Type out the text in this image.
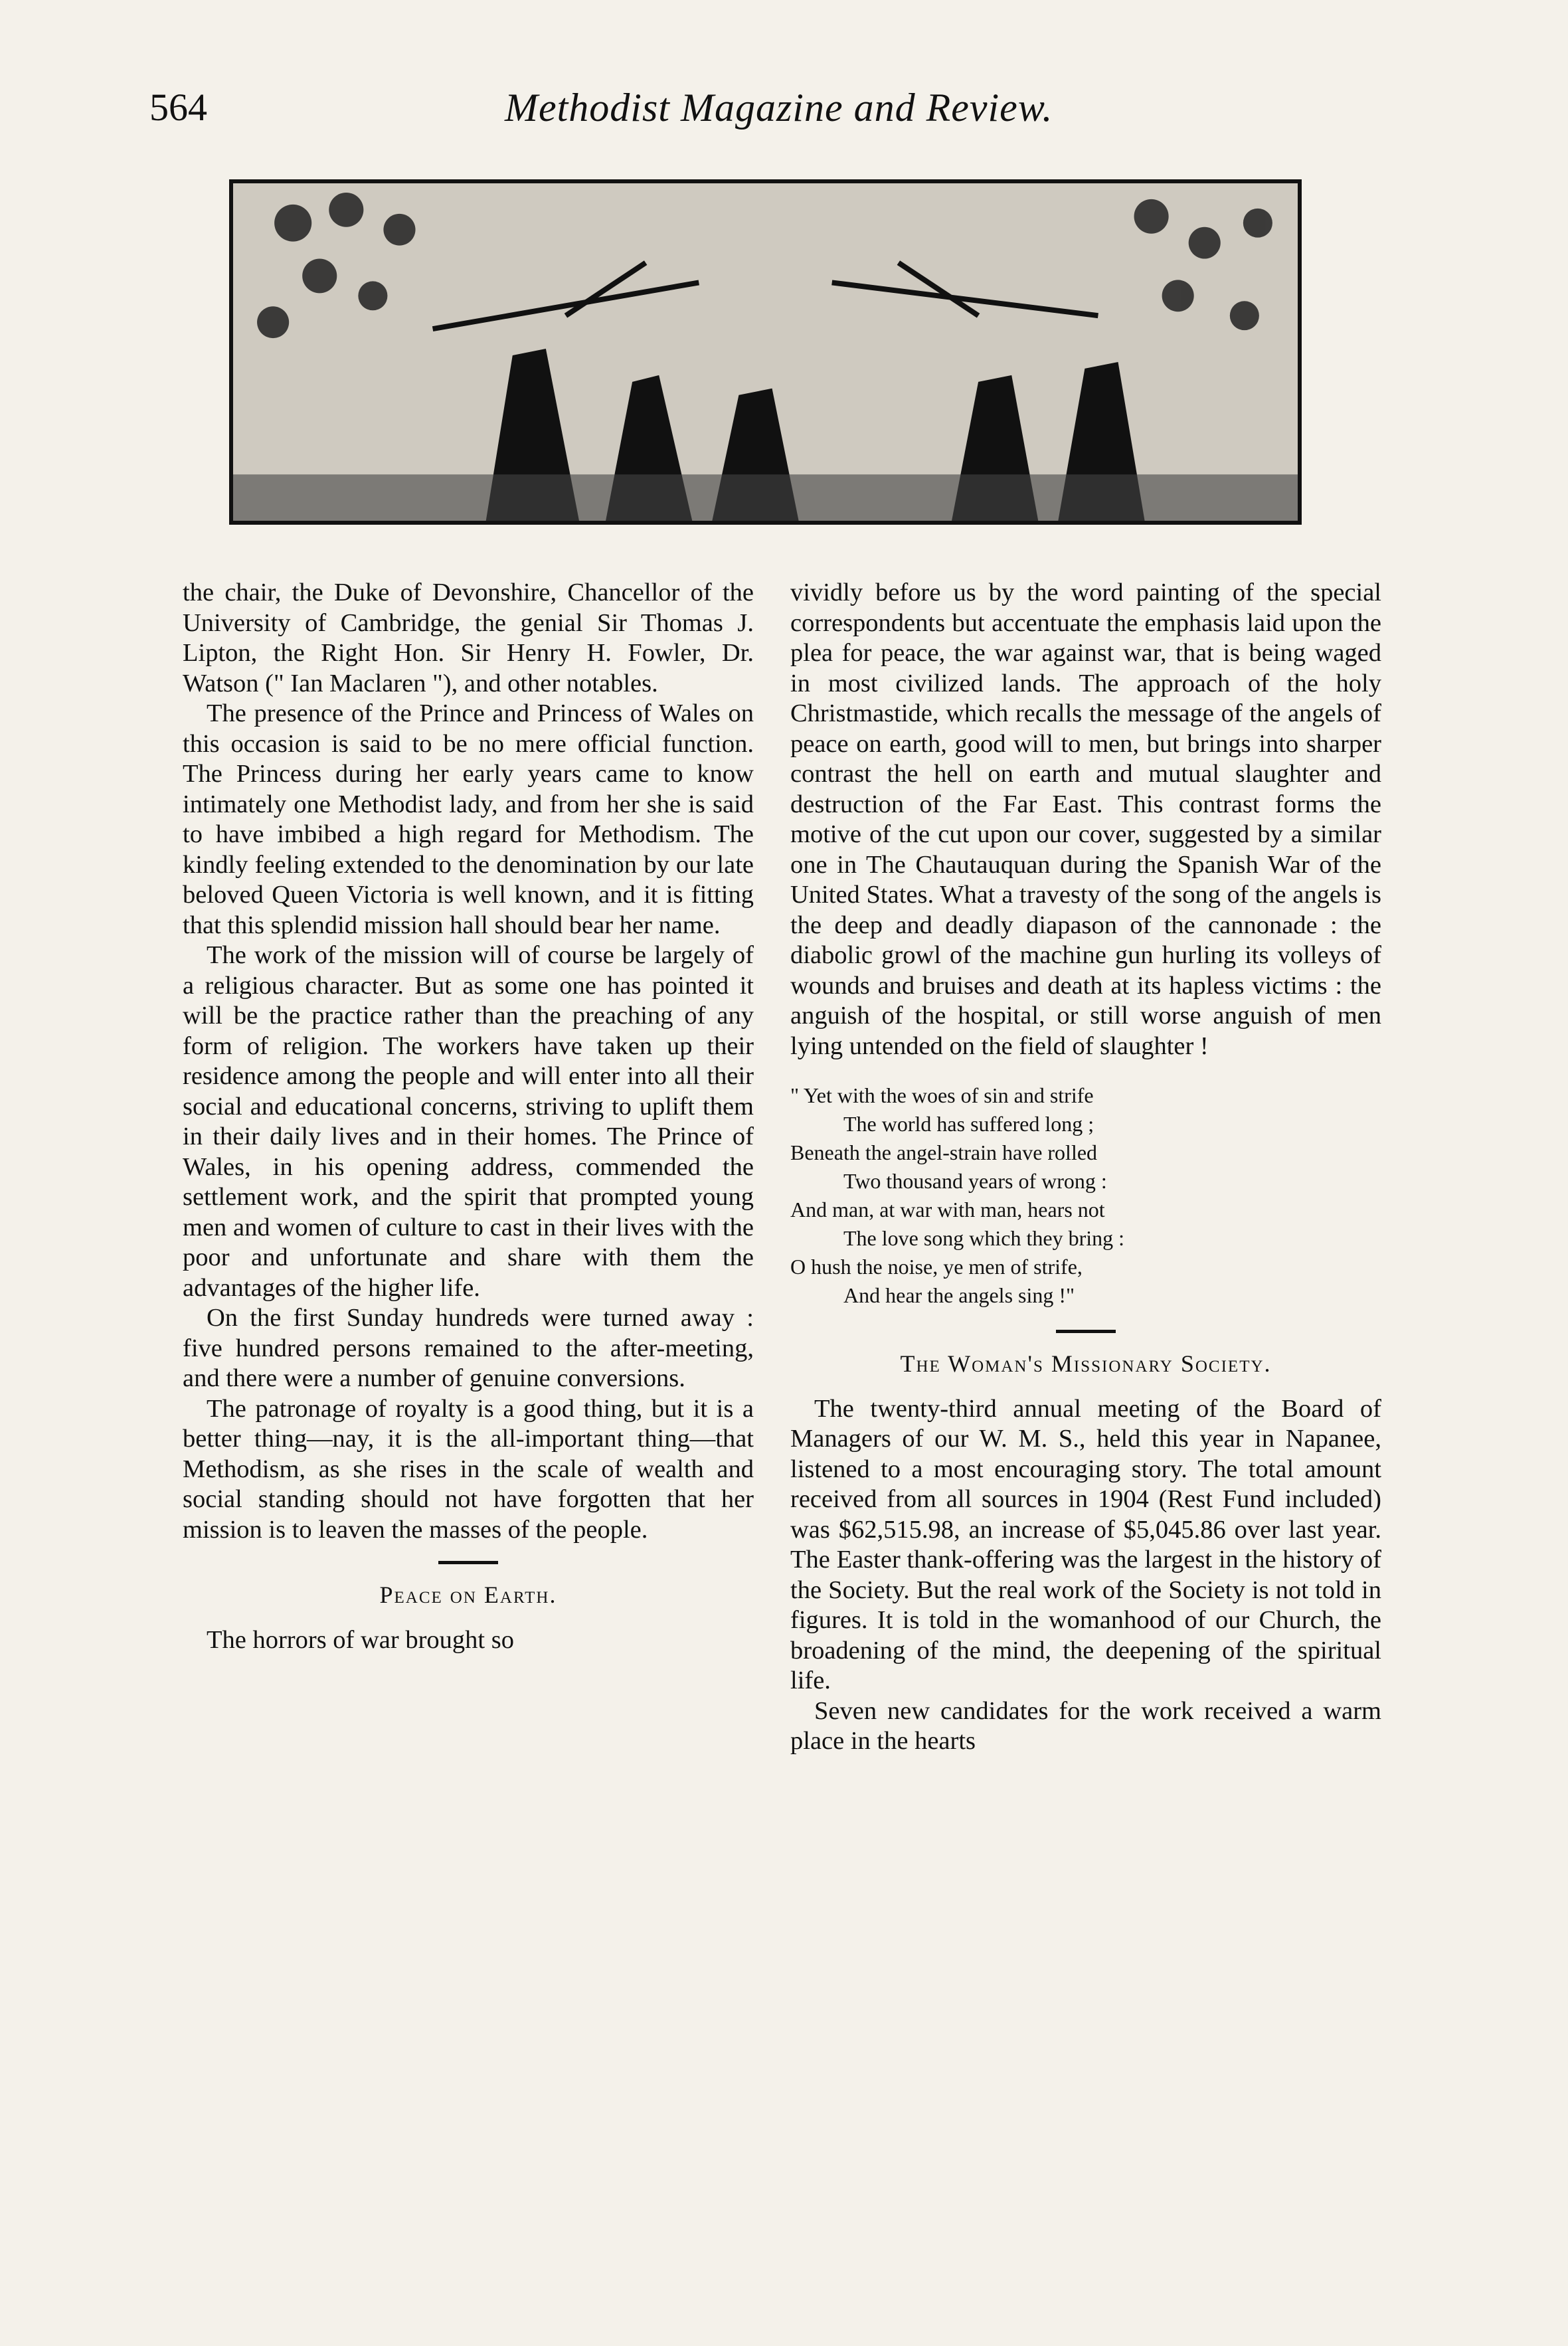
564	Methodist Magazine and Review.

the chair, the Duke of Devonshire, Chancellor of the University of Cambridge, the genial Sir Thomas J. Lipton, the Right Hon. Sir Henry H. Fowler, Dr. Watson (" Ian Maclaren "), and other notables.

The presence of the Prince and Princess of Wales on this occasion is said to be no mere official function. The Princess during her early years came to know intimately one Methodist lady, and from her she is said to have imbibed a high regard for Methodism. The kindly feeling extended to the denomination by our late beloved Queen Victoria is well known, and it is fitting that this splendid mission hall should bear her name.

The work of the mission will of course be largely of a religious character. But as some one has pointed it will be the practice rather than the preaching of any form of religion. The workers have taken up their residence among the people and will enter into all their social and educational concerns, striving to uplift them in their daily lives and in their homes. The Prince of Wales, in his opening address, commended the settlement work, and the spirit that prompted young men and women of culture to cast in their lives with the poor and unfortunate and share with them the advantages of the higher life.

On the first Sunday hundreds were turned away : five hundred persons remained to the after-meeting, and there were a number of genuine conversions.

The patronage of royalty is a good thing, but it is a better thing—nay, it is the all-important thing—that Methodism, as she rises in the scale of wealth and social standing should not have forgotten that her mission is to leaven the masses of the people.

Peace on Earth.

The horrors of war brought so

vividly before us by the word painting of the special correspondents but accentuate the emphasis laid upon the plea for peace, the war against war, that is being waged in most civilized lands. The approach of the holy Christmastide, which recalls the message of the angels of peace on earth, good will to men, but brings into sharper contrast the hell on earth and mutual slaughter and destruction of the Far East. This contrast forms the motive of the cut upon our cover, suggested by a similar one in The Chautauquan during the Spanish War of the United States. What a travesty of the song of the angels is the deep and deadly diapason of the cannonade : the diabolic growl of the machine gun hurling its volleys of wounds and bruises and death at its hapless victims : the anguish of the hospital, or still worse anguish of men lying untended on the field of slaughter !

" Yet with the woes of sin and strife
The world has suffered long ;
Beneath the angel-strain have rolled
Two thousand years of wrong :
And man, at war with man, hears not
The love song which they bring :
O hush the noise, ye men of strife,
And hear the angels sing !"
The Woman's Missionary Society.

The twenty-third annual meeting of the Board of Managers of our W. M. S., held this year in Napanee, listened to a most encouraging story. The total amount received from all sources in 1904 (Rest Fund included) was $62,515.98, an increase of $5,045.86 over last year. The Easter thank-offering was the largest in the history of the Society. But the real work of the Society is not told in figures. It is told in the womanhood of our Church, the broadening of the mind, the deepening of the spiritual life.

Seven new candidates for the work received a warm place in the hearts
